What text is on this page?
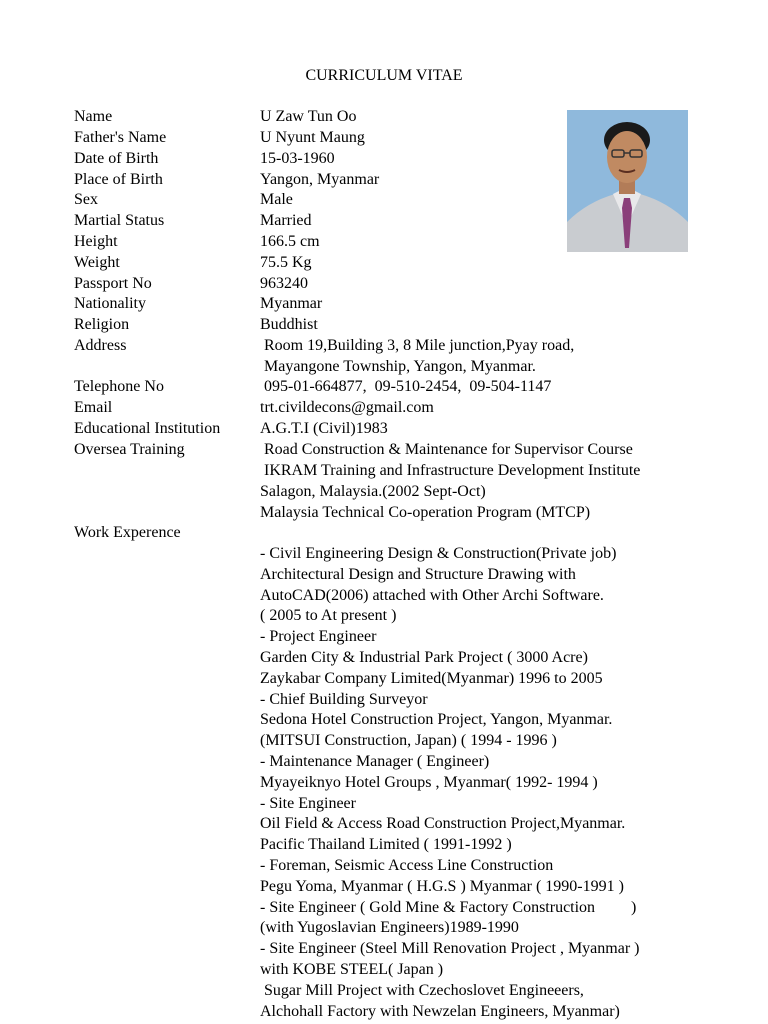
CURRICULUM VITAE
Name	U Zaw Tun Oo
Father's Name	U Nyunt Maung
Date of Birth	15-03-1960
Place of Birth	Yangon, Myanmar
Sex	Male
Martial Status	Married
Height	166.5 cm
Weight	75.5 Kg
Passport No	963240
Nationality	Myanmar
Religion	Buddhist
Address	Room 19,Building 3, 8 Mile junction,Pyay road,
Mayangone Township, Yangon, Myanmar.
Telephone No	095-01-664877,  09-510-2454,  09-504-1147
Email	trt.civildecons@gmail.com
Educational Institution	A.G.T.I (Civil)1983
Oversea Training	Road Construction & Maintenance for Supervisor Course
IKRAM Training and Infrastructure Development Institute
Salagon, Malaysia.(2002 Sept-Oct)
Malaysia Technical Co-operation Program (MTCP)
Work Experence
- Civil Engineering Design & Construction(Private job)
Architectural Design and Structure Drawing with
AutoCAD(2006) attached with Other Archi Software.
( 2005 to At present )
- Project Engineer
Garden City & Industrial Park Project ( 3000 Acre)
Zaykabar Company Limited(Myanmar) 1996 to 2005
- Chief Building Surveyor
Sedona Hotel Construction Project, Yangon, Myanmar.
(MITSUI Construction, Japan) ( 1994 - 1996 )
- Maintenance Manager ( Engineer)
Myayeiknyo Hotel Groups , Myanmar( 1992- 1994 )
- Site Engineer
Oil Field & Access Road Construction Project,Myanmar.
Pacific Thailand Limited ( 1991-1992 )
- Foreman, Seismic Access Line Construction
Pegu Yoma, Myanmar ( H.G.S ) Myanmar ( 1990-1991 )
- Site Engineer ( Gold Mine & Factory Construction         )
(with Yugoslavian Engineers)1989-1990
- Site Engineer (Steel Mill Renovation Project , Myanmar )
with KOBE STEEL( Japan )
Sugar Mill Project with Czechoslovet Engineeers,
Alchohall Factory with Newzelan Engineers, Myanmar)
